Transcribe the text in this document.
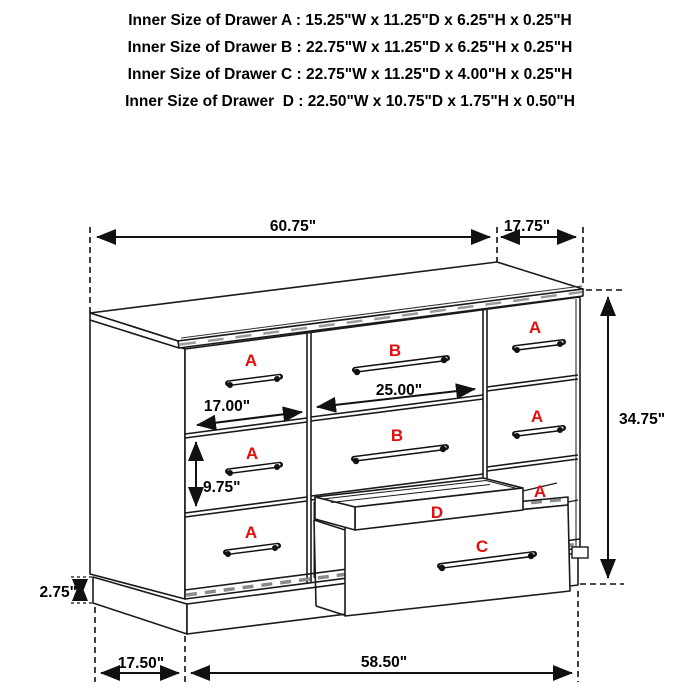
Inner Size of Drawer A : 15.25"W x 11.25"D x 6.25"H x 0.25"H
Inner Size of Drawer B : 22.75"W x 11.25"D x 6.25"H x 0.25"H
Inner Size of Drawer C : 22.75"W x 11.25"D x 4.00"H x 0.25"H
Inner Size of Drawer  D : 22.50"W x 10.75"D x 1.75"H x 0.50"H
A
A
A
A
A
A
B
B
C
D
60.75"	17.75"
34.75"
17.00"
25.00"
9.75"
2.75"
17.50"	58.50"
